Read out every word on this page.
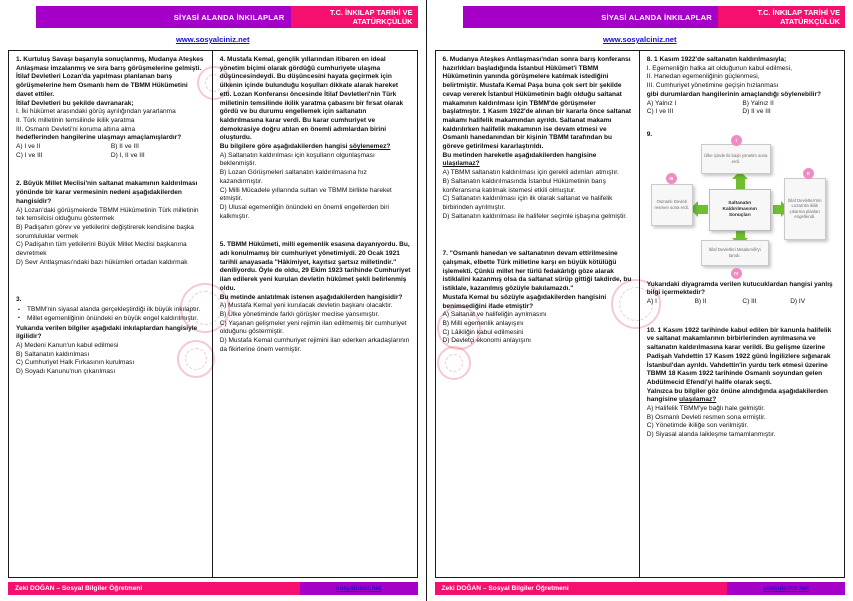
SİYASİ ALANDA İNKILAPLAR	T.C. İNKILAP TARİHİ VE ATATÜRKÇÜLÜK
www.sosyalciniz.net

1. Kurtuluş Savaşı başarıyla sonuçlanmış, Mudanya Ateşkes Anlaşması imzalanmış ve sıra barış görüşmelerine gelmişti. İtilaf Devletleri Lozan'da yapılması planlanan barış görüşmelerine hem Osmanlı hem de TBMM Hükümetini davet ettiler.

İtilaf Devletleri bu şekilde davranarak;

I. İki hükümet arasındaki görüş ayrılığından yararlanma

II. Türk milletinin temsilinde ikilik yaratma

III. Osmanlı Devleti'ni koruma altına alma

hedeflerinden hangilerine ulaşmayı amaçlamışlardır?

A) I ve II	B) II ve III

C) I ve III	D) I, II ve III

2. Büyük Millet Meclisi'nin saltanat makamının kaldırılması yönünde bir karar vermesinin nedeni aşağıdakilerden hangisidir?

A) Lozan'daki görüşmelerde TBMM Hükûmetinin Türk milletinin tek temsilcisi olduğunu göstermek

B) Padişahın görev ve yetkilerini değiştirerek kendisine başka sorumluluklar vermek

C) Padişahın tüm yetkilerini Büyük Millet Meclisi başkanına devretmek

D) Sevr Antlaşması'ndaki bazı hükümleri ortadan kaldırmak

3.

▪ TBMM'nin siyasal alanda gerçekleştirdiği ilk büyük inkılaptır.
▪ Millet egemenliğinin önündeki en büyük engel kaldırılmıştır.

Yukarıda verilen bilgiler aşağıdaki inkılaplardan hangisiyle ilgilidir?

A) Medeni Kanun'un kabul edilmesi

B) Saltanatın kaldırılması

C) Cumhuriyet Halk Fırkasının kurulması

D) Soyadı Kanunu'nun çıkarılması

4. Mustafa Kemal, gençlik yıllarından itibaren en ideal yönetim biçimi olarak gördüğü cumhuriyete ulaşma düşüncesindeydi. Bu düşüncesini hayata geçirmek için ülkenin içinde bulunduğu koşulları dikkate alarak hareket etti. Lozan Konferansı öncesinde İtilaf Devletleri'nin Türk milletinin temsilinde ikilik yaratma çabasını bir fırsat olarak gördü ve bu durumu engellemek için saltanatın kaldırılmasına karar verdi. Bu karar cumhuriyet ve demokrasiye doğru atılan en önemli adımlardan birini oluşturdu.

Bu bilgilere göre aşağıdakilerden hangisi söylenemez?

A) Saltanatın kaldırılması için koşulların olgunlaşması beklenmiştir.

B) Lozan Görüşmeleri saltanatın kaldırılmasına hız kazandırmıştır.

C) Milli Mücadele yıllarında sultan ve TBMM birlikte hareket etmiştir.

D) Ulusal egemenliğin önündeki en önemli engellerden biri kalkmıştır.

5. TBMM Hükümeti, milli egemenlik esasına dayanıyordu. Bu, adı konulmamış bir cumhuriyet yönetimiydi. 20 Ocak 1921 tarihli anayasada "Hâkimiyet, kayıtsız şartsız milletindir." deniliyordu. Öyle de oldu, 29 Ekim 1923 tarihinde Cumhuriyet ilan edilerek yeni kurulan devletin hükümet şekli belirlenmiş oldu.

Bu metinde anlatılmak istenen aşağıdakilerden hangisidir?

A) Mustafa Kemal yeni kurulacak devletin başkanı olacaktır.

B) Ülke yönetiminde farklı görüşler meclise yansımıştır.

C) Yaşanan gelişmeler yeni rejimin ilan edilmemiş bir cumhuriyet olduğunu göstermiştir.

D) Mustafa Kemal cumhuriyet rejimini ilan ederken arkadaşlarının da fikirlerine önem vermiştir.

Zeki DOĞAN – Sosyal Bilgiler Öğretmeni	sosyalciniz.net
SİYASİ ALANDA İNKILAPLAR	T.C. İNKILAP TARİHİ VE ATATÜRKÇÜLÜK
www.sosyalciniz.net

6. Mudanya Ateşkes Antlaşması'ndan sonra barış konferansı hazırlıkları başladığında İstanbul Hükümet'i TBMM Hükümetinin yanında görüşmelere katılmak istediğini belirtmiştir. Mustafa Kemal Paşa buna çok sert bir şekilde cevap vererek İstanbul Hükümetinin bağlı olduğu saltanat makamının kaldırılması için TBMM'de görüşmeler başlatmıştır. 1 Kasım 1922'de alınan bir kararla önce saltanat makamı halifelik makamından ayrıldı. Saltanat makamı kaldırılırken halifelik makamının ise devam etmesi ve Osmanlı hanedanından bir kişinin TBMM tarafından bu göreve getirilmesi kararlaştırıldı.

Bu metinden hareketle aşağıdakilerden hangisine ulaşılamaz?

A) TBMM saltanatın kaldırılması için gerekli adımları atmıştır.

B) Saltanatın kaldırılmasında İstanbul Hükümetinin barış konferansına katılmak istemesi etkili olmuştur.

C) Saltanatın kaldırılması için ilk olarak saltanat ve halifelik birbirinden ayrılmıştır.

D) Saltanatın kaldırılması ile halifeler seçimle işbaşına gelmiştir.

7. "Osmanlı hanedan ve saltanatının devam ettirilmesine çalışmak, elbette Türk milletine karşı en büyük kötülüğü işlemekti. Çünkü millet her türlü fedakârlığı göze alarak istiklalini kazanmış olsa da saltanat sürüp gittiği takdirde, bu istiklale, kazanılmış gözüyle bakılamazdı."

Mustafa Kemal bu sözüyle aşağıdakilerden hangisini benimsediğini ifade etmiştir?

A) Saltanat ve halifeliğin ayrılmasını

B) Milli egemenlik anlayışını

C) Lâikliğin kabul edilmesini

D) Devletçi ekonomi anlayışını

8. 1 Kasım 1922'de saltanatın kaldırılmasıyla;

I. Egemenliğin halka ait olduğunun kabul edilmesi,

II. Hanedan egemenliğinin güçlenmesi,

III. Cumhuriyet yönetimine geçişin hızlanması

gibi durumlardan hangilerinin amaçlandığı söylenebilir?

A) Yalnız I	B) Yalnız II

C) I ve III	D) II ve III

9.

Saltanatın Kaldırılmasının Sonuçları
Ülke içinde iki başlı yönetim sona erdi.
İtilaf Devletleri'nin Lozan'da ikilik çıkarma planları engellendi.
Osmanlı Devleti resmen sona erdi.
İtilaf Devletleri Misakımilli'yi tanıdı.
I
II
III
IV

Yukarıdaki diyagramda verilen kutucuklardan hangisi yanlış bilgi içermektedir?

A) I	B) II	C) III	D) IV

10. 1 Kasım 1922 tarihinde kabul edilen bir kanunla halifelik ve saltanat makamlarının birbirlerinden ayrılmasına ve saltanatın kaldırılmasına karar verildi. Bu gelişme üzerine Padişah Vahdettin 17 Kasım 1922 günü İngilizlere sığınarak İstanbul'dan ayrıldı. Vahdettin'in yurdu terk etmesi üzerine TBMM 18 Kasım 1922 tarihinde Osmanlı soyundan gelen Abdülmecid Efendi'yi halife olarak seçti.

Yalnızca bu bilgiler göz önüne alındığında aşağıdakilerden hangisine ulaşılamaz?

A) Halifelik TBMM'ye bağlı hale gelmiştir.

B) Osmanlı Devleti resmen sona ermiştir.

C) Yönetimde ikiliğe son verilmiştir.

D) Siyasal alanda laikleşme tamamlanmıştır.

Zeki DOĞAN – Sosyal Bilgiler Öğretmeni	sosyalciniz.net
